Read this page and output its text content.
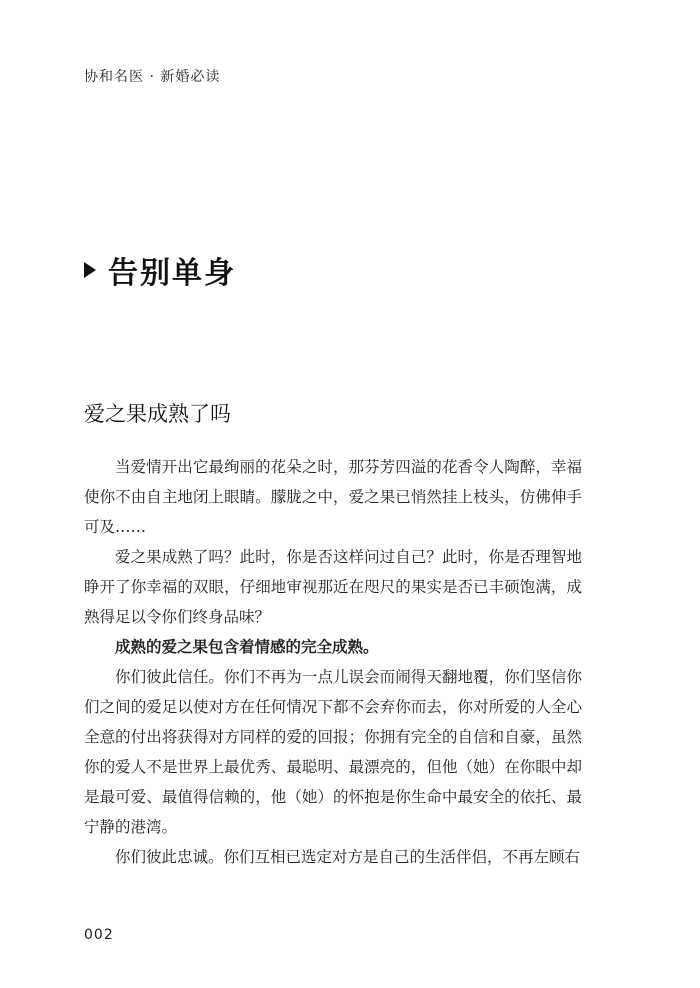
协和名医 · 新婚必读
告别单身
爱之果成熟了吗

当爱情开出它最绚丽的花朵之时，那芬芳四溢的花香令人陶醉，幸福使你不由自主地闭上眼睛。朦胧之中，爱之果已悄然挂上枝头，仿佛伸手可及……

爱之果成熟了吗？此时，你是否这样问过自己？此时，你是否理智地睁开了你幸福的双眼，仔细地审视那近在咫尺的果实是否已丰硕饱满，成熟得足以令你们终身品味？

成熟的爱之果包含着情感的完全成熟。

你们彼此信任。你们不再为一点儿误会而闹得天翻地覆，你们坚信你们之间的爱足以使对方在任何情况下都不会弃你而去，你对所爱的人全心全意的付出将获得对方同样的爱的回报；你拥有完全的自信和自豪，虽然你的爱人不是世界上最优秀、最聪明、最漂亮的，但他（她）在你眼中却是最可爱、最值得信赖的，他（她）的怀抱是你生命中最安全的依托、最宁静的港湾。

你们彼此忠诚。你们互相已选定对方是自己的生活伴侣，不再左顾右

002
